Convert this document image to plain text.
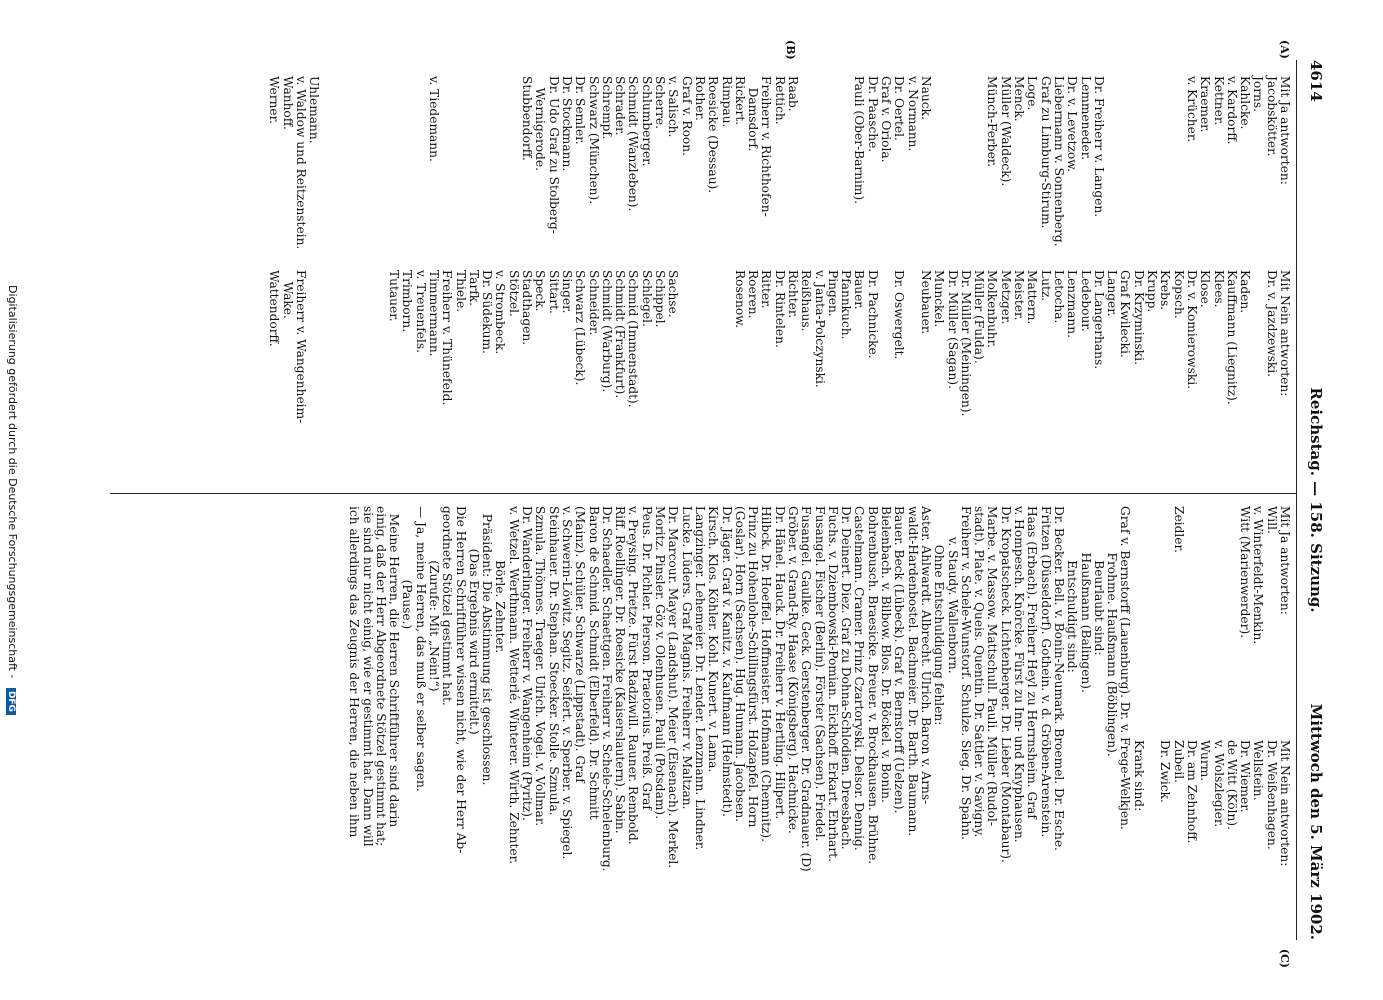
4614
Reichstag. — 158. Sitzung.
Mittwoch den 5. März 1902.
(A)
(B)
(C)
Mit Ja antworten:
Jacobskötter.
Jorns.
Kahlcke.
v. Kardorff.
Kettner.
Kraemer.
v. Krücher.

Dr. Freiherr v. Langen.
Lemmeneder.
Dr. v. Levetzow.
Liebermann v. Sonnenberg.
Graf zu Limburg-Stirum.
Loge.
Menck.
Müller (Waldeck).
Münch-Ferber.

Nauck.
v. Normann.
Dr. Oertel.
Graf v. Oriola.
Dr. Paasche.
Pauli (Ober-Barnim).

Raab.
Rettich.
Freiherr v. Richthofen-
Damsdorf.
Rickert.
Rimpau.
Roesicke (Dessau).
Rother.
Graf v. Roon.
v. Salisch.
Scherre.
Schlumberger.
Schmidt (Wanzleben).
Schrader.
Schrempf.
Schwarz (München).
Dr. Semler.
Dr. Stockmann.
Dr. Udo Graf zu Stolberg-
Wernigerode.
Stubbendorff.

v. Tiedemann.

Uhlemann.
v. Waldow und Reitzenstein.
Wanhoff.
Werner.
Mit Nein antworten:
Dr. v. Jazdzewski.

Kaden.
Kauffmann (Liegnitz).
Klees.
Klose.
Dr. v. Komierowski.
Kopsch.
Krebs.
Krupp.
Dr. Krzyminski.
Graf Kwilecki.
Langer.
Dr. Langerhans.
Ledebour.
Lenzmann.
Letocha.
Lutz.
Mattern.
Meister.
Metzger.
Molkenbuhr.
Müller (Fulda).
Dr. Müller (Meiningen).
Dr. Müller (Sagan).
Munckel.
Neubauer.

Dr. Oswergelt.

Dr. Pachnicke.
Bauer.
Pfannkuch.
Pingen.
v. Janta-Polczynski.
Reißhaus.
Richter.
Dr. Rintelen.
Ritter.
Roeren.
Rosenow.

Sachse.
Schippel.
Schlegel.
Schmid (Immenstadt).
Schmidt (Frankfurt).
Schmidt (Warburg).
Schneider.
Schwarz (Lübeck).
Singer.
Sittart.
Speck.
Stadthagen.
Stötzel.
v. Strombeck.
Dr. Südekum.
Tarfk.
Thiele.
Freiherr v. Thünefeld.
Timmermann.
v. Treuenfels.
Trimborn.
Tutauer.

Freiherr v. Wangenheim-
Wake.
Wattendorff.
Mit Ja antworten:
Will.
v. Winterfeldt-Menkin.
Witt (Marienwerder).

Zeidler.

Graf v. Bernstorff (Lauenburg). Dr. v. Frege-Welkjen.
Frohme. Haußmann (Böblingen).
Beurlaubt sind:
Haußmann (Balingen).
Entschuldigt sind:
Dr. Becker. Bell. v. Bonin-Neumark. Broemel. Dr. Esche.
Fritzen (Düsseldorf). Gothein. v. d. Gröben-Arenstein.
Haas (Erbach). Freiherr Heyl zu Herrnsheim. Graf
v. Hompesch. Knörcke. Fürst zu Inn- und Knyphausen.
Dr. Kropatscheck. Lichtenberger. Dr. Lieber (Montabaur).
Marbe. v. Massow. Mattschull. Pauli. Müller (Rudol-
stadt). Plate. v. Queis. Quentin. Dr. Sattler. v. Savigny.
Freiherr v. Schele-Wunstorf. Schulze. Sieg. Dr. Spahn.
v. Staudy. Wallenborn.
Ohne Entschuldigung fehlen:
Aster. Ahlwardt. Albrecht. Ulrich. Baron v. Arns-
waldt-Hardenbostel. Bachmeier. Dr. Barth. Baumann.
Bauer. Beck (Lübeck). Graf v. Bernstorff (Uelzen).
Bielenbach. v. Bilbow. Blos. Dr. Böckel. v. Bonin.
Bohrenbusch. Braesicke. Breuer. v. Brockhausen. Brühne.
Castelmann. Cramer. Prinz Czartoryski. Delsor. Dennig.
Dr. Deinert. Diez. Graf zu Dohna-Schlodien. Dreesbach.
Fuchs. v. Dziembowski-Pomian. Eickhoff. Erkart. Ehrhart.
Fusangel. Fischer (Berlin). Förster (Sachsen). Friedel.
Fusangel. Gaulke. Geck. Gerstenberger. Dr. Gradnauer. (D)
Gröber. v. Grand-Ry. Haase (Königsberg). Hachnicke.
Dr. Hänel. Hauck. Dr. Freiherr v. Hertling. Hilpert.
Hilbck. Dr. Hoeffel. Hoffmeister. Hofmann (Chemnitz).
Prinz zu Hohenlohe-Schillingsfürst. Holzapfel. Horn
(Goslar). Horn (Sachsen). Hug. Humann. Jacobsen.
Dr. Jäger. Graf v. Kanitz. v. Kaufmann (Helmstedt).
Kirsch. Klos. Köhler. Kohl. Kunert. v. Lama.
Langzinger. Lehemeier. Dr. Lender. Lenzmann. Lindner.
Lucke. Lüders. Graf Magnis. Freiherr v. Maltzan.
Dr. Marcour. Mayer (Landshut). Meier (Eisenach). Merkel.
Moritz. Pinsler. Göz v. Olenhusen. Pauli (Potsdam).
Peus. Dr. Pichler. Pierson. Praetorius. Preiß. Graf
v. Preysing. Prietze. Fürst Radziwill. Rauner. Rembold.
Riff. Roellinger. Dr. Roesicke (Kaiserslautern). Sabin.
Dr. Schaedler. Schaettgen. Freiherr v. Schele-Schelenburg.
Baron de Schmid. Schmidt (Elberfeld). Dr. Schmitt
(Mainz). Schüler. Schwarze (Lippstadt). Graf
v. Schwerin-Löwitz. Segitz. Seifert. v. Sperber. v. Spiegel.
Steinhauer. Dr. Stephan. Stoecker. Stolle. Szmula.
Szmula. Thönnes. Traeger. Ulrich. Vogel. v. Vollmar.
Dr. Wanderlinger. Freiherr v. Wangenheim (Pyritz).
v. Wetzel. Werthmann. Wetterlé. Winterer. Wirth. Zehnter.
Börle. Zehnter.
Präsident: Die Abstimmung ist geschlossen.
(Das Ergebnis wird ermittelt.)
Die Herren Schriftführer wissen nicht, wie der Herr Ab-
geordnete Stötzel gestimmt hat.
(Zurufe: Mit „Nein!“)
— Ja, meine Herren, das muß er selber sagen.
(Pause.)
Meine Herren, die Herren Schriftführer sind darin
einig, daß der Herr Abgeordnete Stötzel gestimmt hat;
sie sind nur nicht einig, wie er gestimmt hat. Dann will
ich allerdings das Zeugnis der Herren, die neben ihm	Mit Nein antworten:
Dr. Weißenhagen.
Wellstein.
Dr. Wiemer.
de Witt (Köln).
v. Wolszlegier.
Wurm.
Dr. am Zehnhoff.
Zubeil.
Dr. Zwick.

Krank sind:
Digitalisierung gefördert durch die Deutsche Forschungsgemeinschaft - DFG
